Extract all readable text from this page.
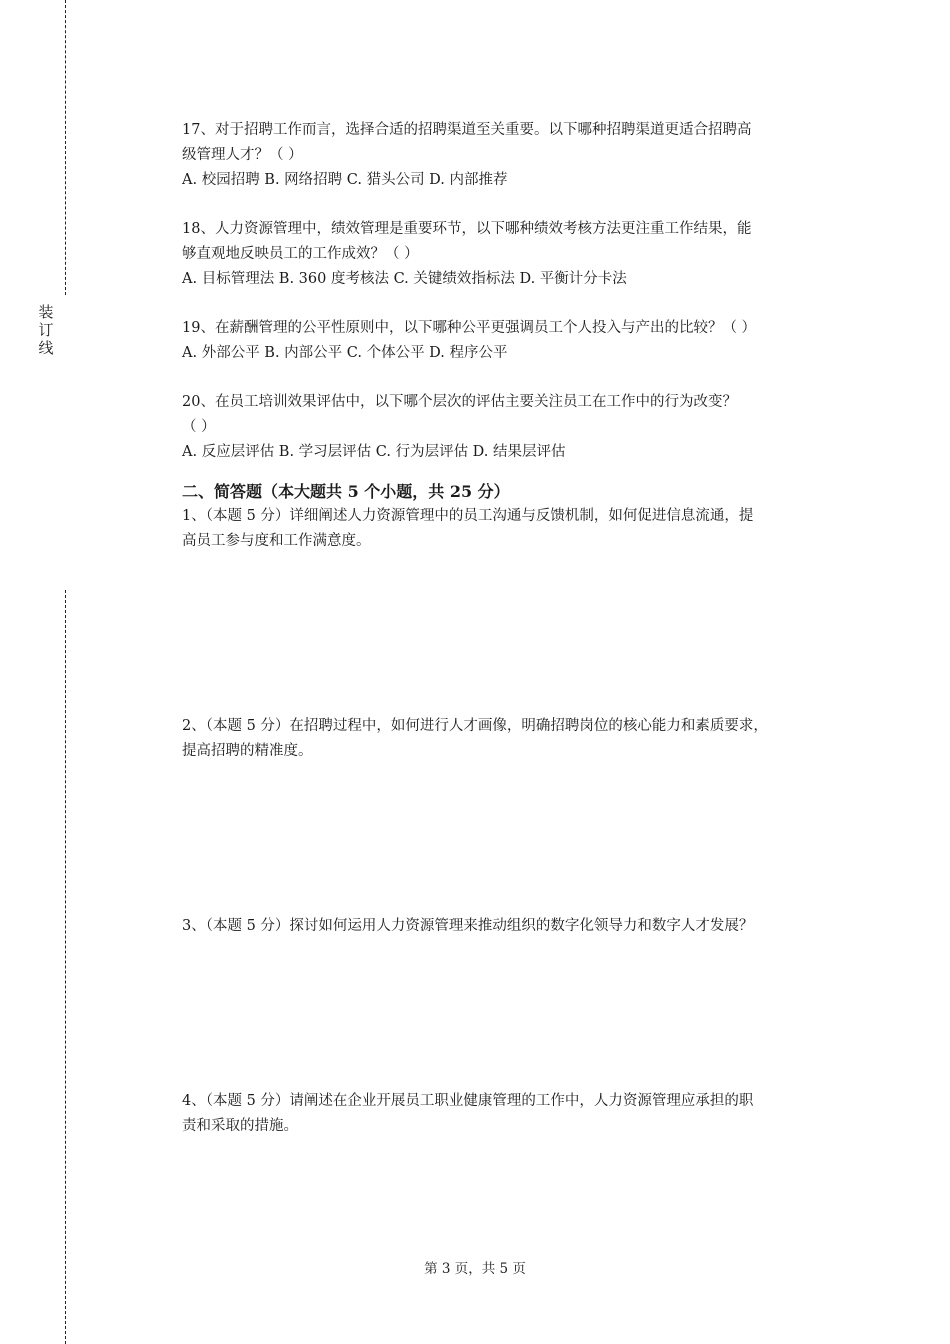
装
订
线

17、对于招聘工作而言，选择合适的招聘渠道至关重要。以下哪种招聘渠道更适合招聘高

级管理人才？（ ）

A. 校园招聘 B. 网络招聘 C. 猎头公司 D. 内部推荐

18、人力资源管理中，绩效管理是重要环节，以下哪种绩效考核方法更注重工作结果，能

够直观地反映员工的工作成效？（ ）

A. 目标管理法 B. 360 度考核法 C. 关键绩效指标法 D. 平衡计分卡法

19、在薪酬管理的公平性原则中，以下哪种公平更强调员工个人投入与产出的比较？（ ）

A. 外部公平 B. 内部公平 C. 个体公平 D. 程序公平

20、在员工培训效果评估中，以下哪个层次的评估主要关注员工在工作中的行为改变？

（ ）

A. 反应层评估 B. 学习层评估 C. 行为层评估 D. 结果层评估

二、简答题（本大题共 5 个小题，共 25 分）

1、（本题 5 分）详细阐述人力资源管理中的员工沟通与反馈机制，如何促进信息流通，提

高员工参与度和工作满意度。

2、（本题 5 分）在招聘过程中，如何进行人才画像，明确招聘岗位的核心能力和素质要求，

提高招聘的精准度。

3、（本题 5 分）探讨如何运用人力资源管理来推动组织的数字化领导力和数字人才发展？

4、（本题 5 分）请阐述在企业开展员工职业健康管理的工作中，人力资源管理应承担的职

责和采取的措施。

第 3 页，共 5 页
